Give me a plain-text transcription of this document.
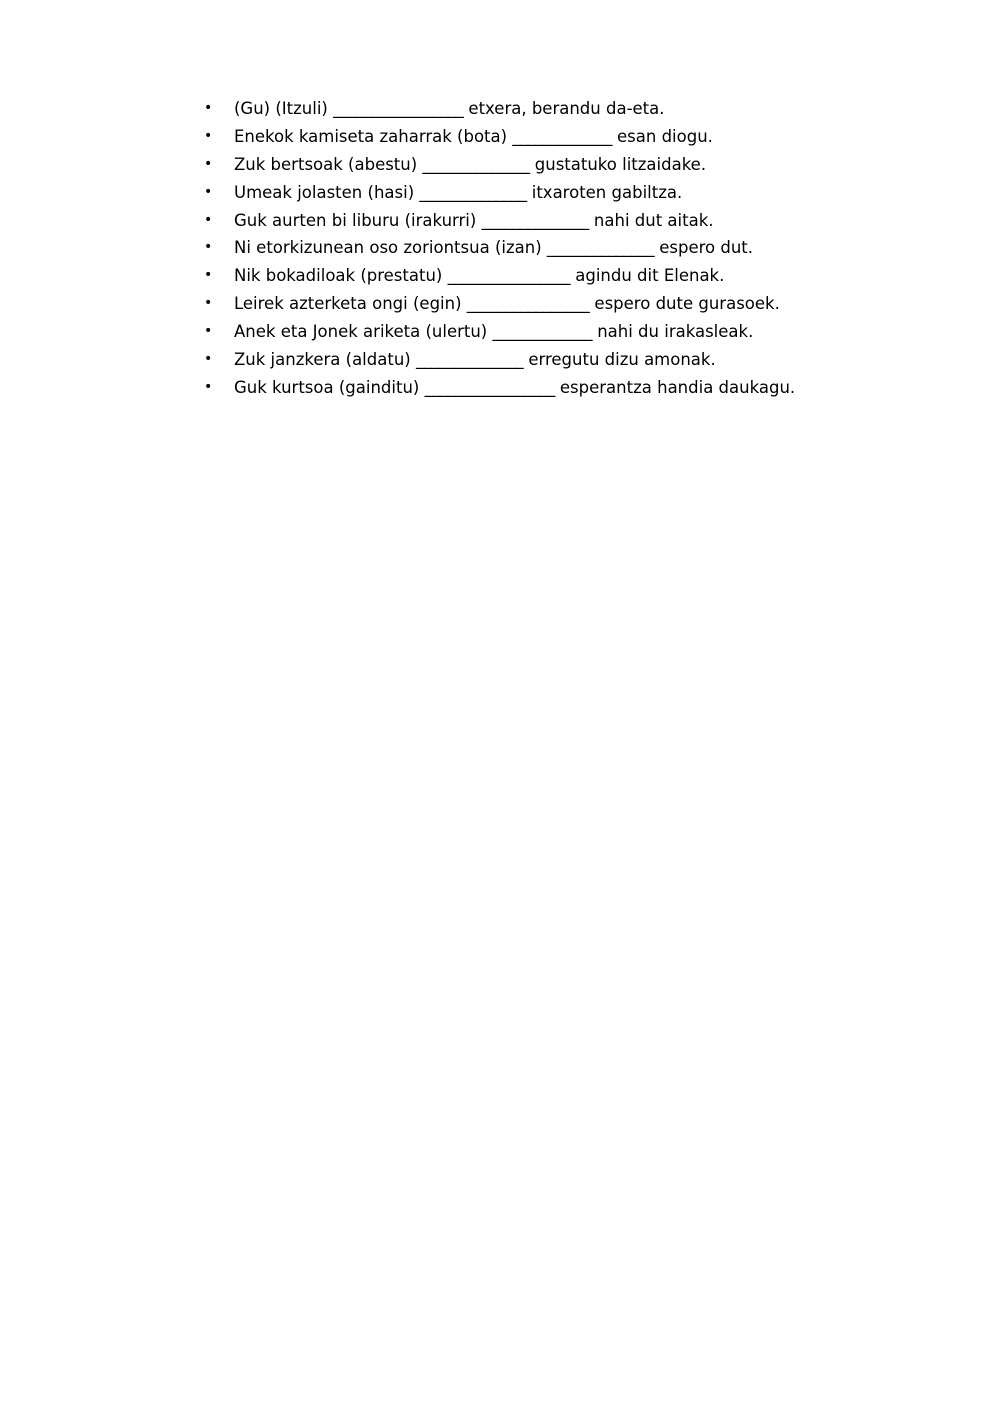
• (Gu) (Itzuli) _________________ etxera, berandu da-eta.
• Enekok kamiseta zaharrak (bota) _____________ esan diogu.
• Zuk bertsoak (abestu) ______________ gustatuko litzaidake.
• Umeak jolasten (hasi) ______________ itxaroten gabiltza.
• Guk aurten bi liburu (irakurri) ______________ nahi dut aitak.
• Ni etorkizunean oso zoriontsua (izan) ______________ espero dut.
• Nik bokadiloak (prestatu) ________________ agindu dit Elenak.
• Leirek azterketa ongi (egin) ________________ espero dute gurasoek.
• Anek eta Jonek ariketa (ulertu) _____________ nahi du irakasleak.
• Zuk janzkera (aldatu) ______________ erregutu dizu amonak.
• Guk kurtsoa (gainditu) _________________ esperantza handia daukagu.
